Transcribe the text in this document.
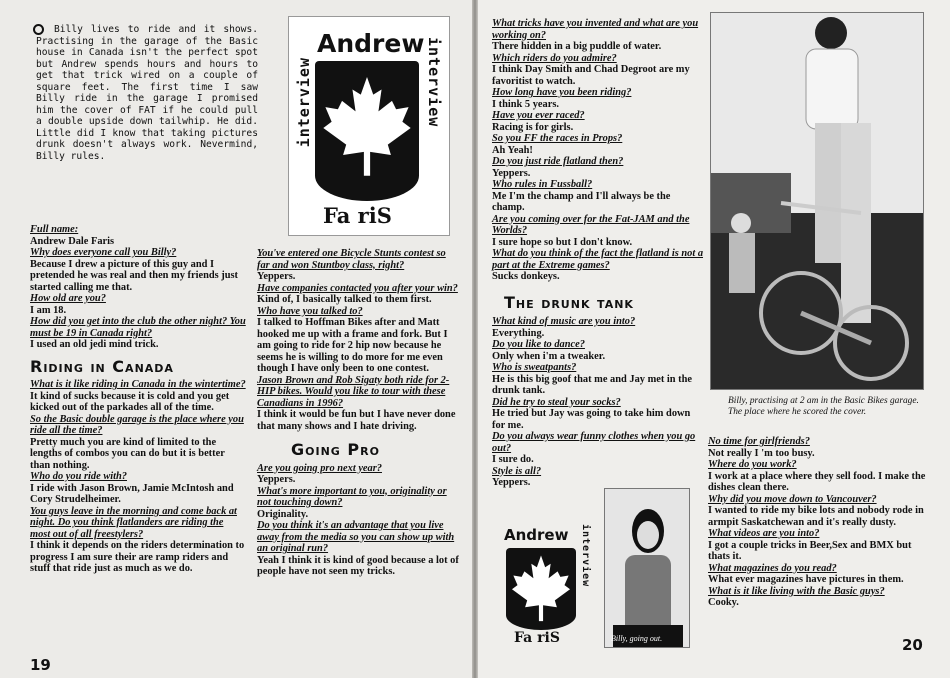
Billy lives to ride and it shows. Practising in the garage of the Basic house in Canada isn't the perfect spot but Andrew spends hours and hours to get that trick wired on a couple of square feet. The first time I saw Billy ride in the garage I promised him the cover of FAT if he could pull a double upside down tailwhip. He did. Little did I know that taking pictures drunk doesn't always work. Nevermind, Billy rules.

Andrew
interview	interview
Fa riS

Full name:

Andrew Dale Faris

Why does everyone call you Billy?

Because I drew a picture of this guy and I pretended he was real and then my friends just started calling me that.

How old are you?

I am 18.

How did you get into the club the other night? You must be 19 in Canada right?

I used an old jedi mind trick.

Riding in Canada

What is it like riding in Canada in the wintertime?

It kind of sucks because it is cold and you get kicked out of the parkades all of the time.

So the Basic double garage is the place where you ride all the time?

Pretty much you are kind of limited to the lengths of combos you can do but it is better than nothing.

Who do you ride with?

I ride with Jason Brown, Jamie McIntosh and Cory Strudelheimer.

You guys leave in the morning and come back at night. Do you think flatlanders are riding the most out of all freestylers?

I think it depends on the riders determination to progress I am sure their are ramp riders and stuff that ride just as much as we do.

You've entered one Bicycle Stunts contest so far and won Stuntboy class, right?

Yeppers.

Have companies contacted you after your win?

Kind of, I basically talked to them first.

Who have you talked to?

I talked to Hoffman Bikes after and Matt hooked me up with a frame and fork. But I am going to ride for 2 hip now because he seems he is willing to do more for me even though I have only been to one contest.

Jason Brown and Rob Sigaty both ride for 2-HIP bikes. Would you like to tour with these Canadians in 1996?

I think it would be fun but I have never done that many shows and I hate driving.

Going Pro

Are you going pro next year?

Yeppers.

What's more important to you, originality or not touching down?

Originality.

Do you think it's an advantage that you live away from the media so you can show up with an original run?

Yeah I think it is kind of good because a lot of people have not seen my tricks.

19

What tricks have you invented and what are you working on?

There hidden in a big puddle of water.

Which riders do you admire?

I think Day Smith and Chad Degroot are my favoritist to watch.

How long have you been riding?

I think 5 years.

Have you ever raced?

Racing is for girls.

So you FF the races in Props?

Ah Yeah!

Do you just ride flatland then?

Yeppers.

Who rules in Fussball?

Me I'm the champ and I'll always be the champ.

Are you coming over for the Fat-JAM and the Worlds?

I sure hope so but I don't know.

What do you think of the fact the flatland is not a part at the Extreme games?

Sucks donkeys.

The drunk tank

What kind of music are you into?

Everything.

Do you like to dance?

Only when i'm a tweaker.

Who is sweatpants?

He is this big goof that me and Jay met in the drunk tank.

Did he try to steal your socks?

He tried but Jay was going to take him down for me.

Do you always wear funny clothes when you go out?

I sure do.

Style is all?

Yeppers.

Billy, practising at 2 am in the Basic Bikes garage. The place where he scored the cover.

Andrew interview
Fa riS	Billy, going out.

No time for girlfriends?

Not really I 'm too busy.

Where do you work?

I work at a place where they sell food. I make the dishes clean there.

Why did you move down to Vancouver?

I wanted to ride my bike lots and nobody rode in armpit Saskatchewan and it's really dusty.

What videos are you into?

I got a couple tricks in Beer,Sex and BMX but thats it.

What magazines do you read?

What ever magazines have pictures in them.

What is it like living with the Basic guys?

Cooky.

20
